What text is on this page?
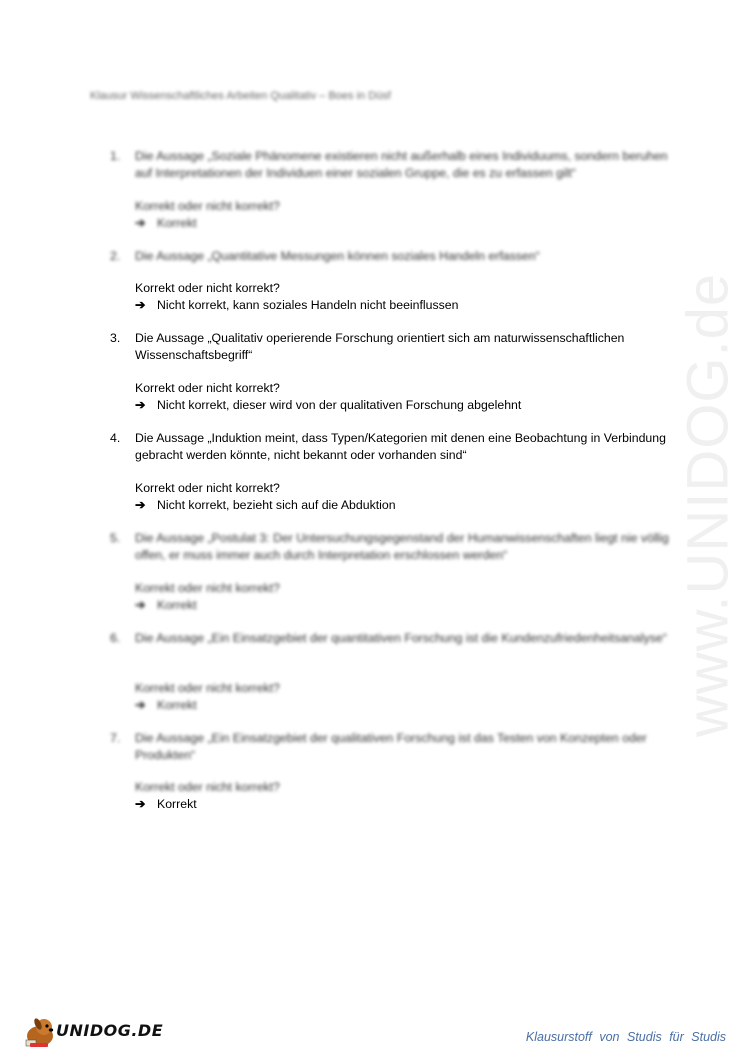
www.UNIDOG.de
Klausur Wissenschaftliches Arbeiten Qualitativ – Boes in Düsf
1.	Die Aussage „Soziale Phänomene existieren nicht außerhalb eines Individuums, sondern beruhen auf Interpretationen der Individuen einer sozialen Gruppe, die es zu erfassen gilt“
Korrekt oder nicht korrekt?
➔ Korrekt
2.	Die Aussage „Quantitative Messungen können soziales Handeln erfassen“
Korrekt oder nicht korrekt?
➔ Nicht korrekt, kann soziales Handeln nicht beeinflussen
3.	Die Aussage „Qualitativ operierende Forschung orientiert sich am naturwissenschaftlichen Wissenschaftsbegriff“
Korrekt oder nicht korrekt?
➔ Nicht korrekt, dieser wird von der qualitativen Forschung abgelehnt
4.	Die Aussage „Induktion meint, dass Typen/Kategorien mit denen eine Beobachtung in Verbindung gebracht werden könnte, nicht bekannt oder vorhanden sind“
Korrekt oder nicht korrekt?
➔ Nicht korrekt, bezieht sich auf die Abduktion
5.	Die Aussage „Postulat 3: Der Untersuchungsgegenstand der Humanwissenschaften liegt nie völlig offen, er muss immer auch durch Interpretation erschlossen werden“
Korrekt oder nicht korrekt?
➔ Korrekt
6.	Die Aussage „Ein Einsatzgebiet der quantitativen Forschung ist die Kundenzufriedenheitsanalyse“
Korrekt oder nicht korrekt?
➔ Korrekt
7.	Die Aussage „Ein Einsatzgebiet der qualitativen Forschung ist das Testen von Konzepten oder Produkten“
Korrekt oder nicht korrekt?
➔ Korrekt
UNIDOG.DE	Klausurstoff von Studis für Studis
